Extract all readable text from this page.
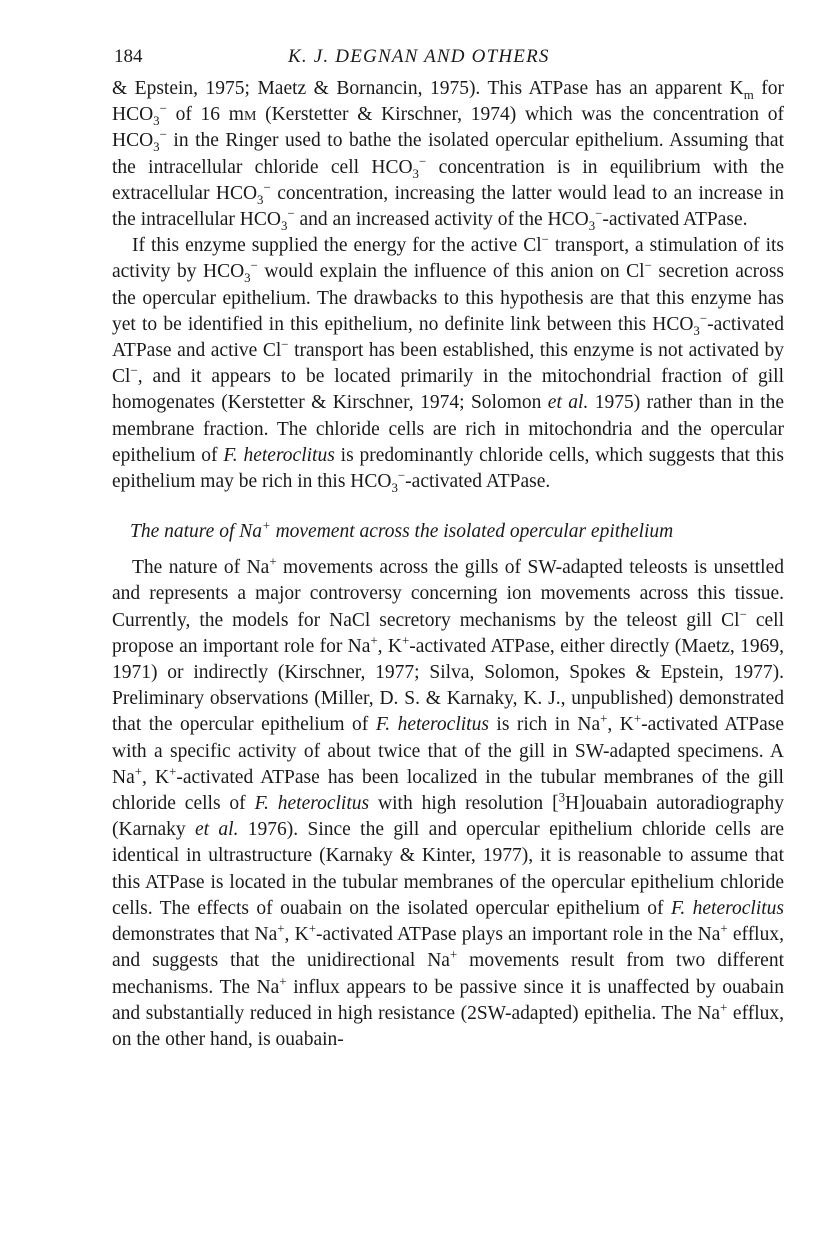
184	K. J. DEGNAN AND OTHERS

& Epstein, 1975; Maetz & Bornancin, 1975). This ATPase has an apparent $K_m$ for $HCO_3^-$ of 16 mm (Kerstetter & Kirschner, 1974) which was the concentration of $HCO_3^-$ in the Ringer used to bathe the isolated opercular epithelium. Assuming that the intracellular chloride cell $HCO_3^-$ concentration is in equilibrium with the extracellular $HCO_3^-$ concentration, increasing the latter would lead to an increase in the intracellular $HCO_3^-$ and an increased activity of the $HCO_3^-$-activated ATPase.

If this enzyme supplied the energy for the active Cl− transport, a stimulation of its activity by $HCO_3^-$ would explain the influence of this anion on Cl− secretion across the opercular epithelium. The drawbacks to this hypothesis are that this enzyme has yet to be identified in this epithelium, no definite link between this $HCO_3^-$-activated ATPase and active Cl− transport has been established, this enzyme is not activated by Cl−, and it appears to be located primarily in the mitochondrial fraction of gill homogenates (Kerstetter & Kirschner, 1974; Solomon et al. 1975) rather than in the membrane fraction. The chloride cells are rich in mitochondria and the opercular epithelium of F. heteroclitus is predominantly chloride cells, which suggests that this epithelium may be rich in this $HCO_3^-$-activated ATPase.

The nature of Na+ movement across the isolated opercular epithelium

The nature of Na+ movements across the gills of SW-adapted teleosts is unsettled and represents a major controversy concerning ion movements across this tissue. Currently, the models for NaCl secretory mechanisms by the teleost gill Cl− cell propose an important role for Na+, K+-activated ATPase, either directly (Maetz, 1969, 1971) or indirectly (Kirschner, 1977; Silva, Solomon, Spokes & Epstein, 1977). Preliminary observations (Miller, D. S. & Karnaky, K. J., unpublished) demonstrated that the opercular epithelium of F. heteroclitus is rich in Na+, K+-activated ATPase with a specific activity of about twice that of the gill in SW-adapted specimens. A Na+, K+-activated ATPase has been localized in the tubular membranes of the gill chloride cells of F. heteroclitus with high resolution [$^3$H]ouabain autoradiography (Karnaky et al. 1976). Since the gill and opercular epithelium chloride cells are identical in ultrastructure (Karnaky & Kinter, 1977), it is reasonable to assume that this ATPase is located in the tubular membranes of the opercular epithelium chloride cells. The effects of ouabain on the isolated opercular epithelium of F. heteroclitus demonstrates that Na+, K+-activated ATPase plays an important role in the Na+ efflux, and suggests that the unidirectional Na+ movements result from two different mechanisms. The Na+ influx appears to be passive since it is unaffected by ouabain and substantially reduced in high resistance (2SW-adapted) epithelia. The Na+ efflux, on the other hand, is ouabain-
